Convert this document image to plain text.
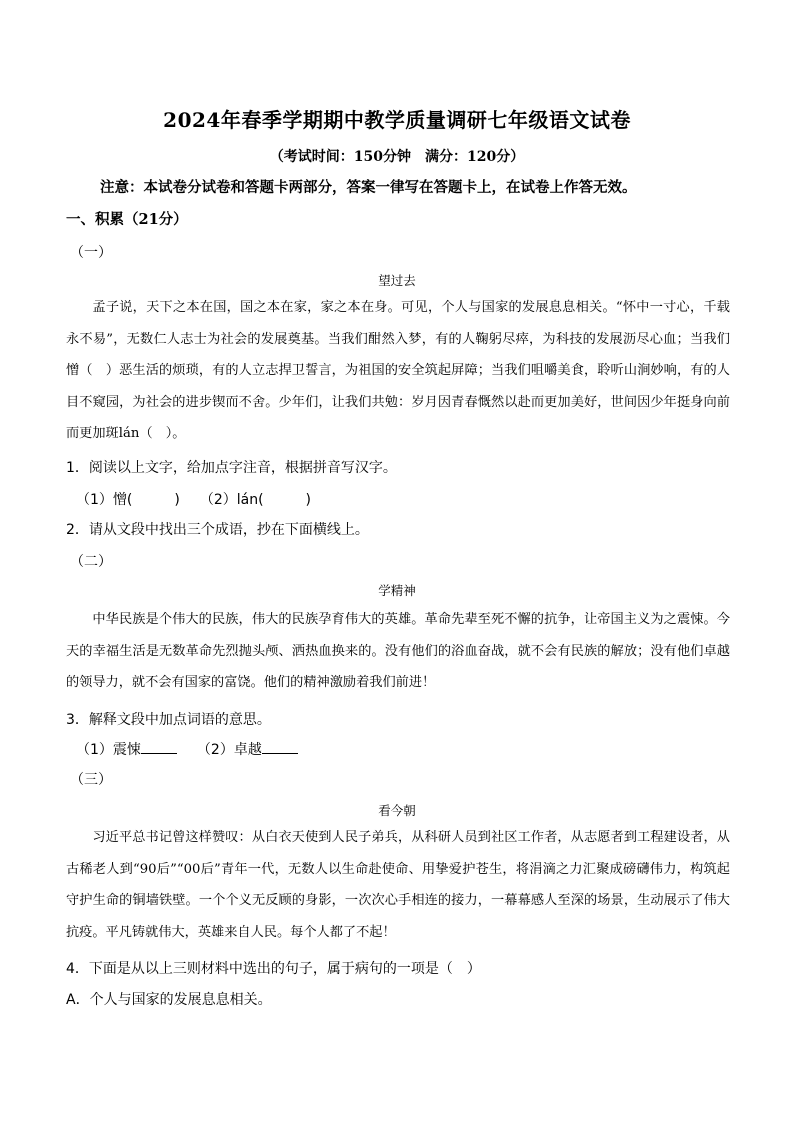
2024年春季学期期中教学质量调研七年级语文试卷
（考试时间：150分钟　满分：120分）
注意：本试卷分试卷和答题卡两部分，答案一律写在答题卡上，在试卷上作答无效。
一、积累（21分）
（一）
望过去
孟子说，天下之本在国，国之本在家，家之本在身。可见，个人与国家的发展息息相关。“怀中一寸心，千载永不易”，无数仁人志士为社会的发展奠基。当我们酣然入梦，有的人鞠躬尽瘁，为科技的发展沥尽心血；当我们憎（　）恶生活的烦琐，有的人立志捍卫誓言，为祖国的安全筑起屏障；当我们咀嚼美食，聆听山涧妙响，有的人目不窥园，为社会的进步锲而不舍。少年们，让我们共勉：岁月因青春慨然以赴而更加美好，世间因少年挺身向前而更加斑lán（　）。
1．阅读以上文字，给加点字注音，根据拼音写汉字。
（1）憎(　　　) （2）lán(　　　)
2．请从文段中找出三个成语，抄在下面横线上。
（二）
学精神
中华民族是个伟大的民族，伟大的民族孕育伟大的英雄。革命先辈至死不懈的抗争，让帝国主义为之震悚。今天的幸福生活是无数革命先烈抛头颅、洒热血换来的。没有他们的浴血奋战，就不会有民族的解放；没有他们卓越的领导力，就不会有国家的富饶。他们的精神激励着我们前进！
3．解释文段中加点词语的意思。
（1）震悚	（2）卓越
（三）
看今朝
习近平总书记曾这样赞叹：从白衣天使到人民子弟兵，从科研人员到社区工作者，从志愿者到工程建设者，从古稀老人到“90后”“00后”青年一代，无数人以生命赴使命、用挚爱护苍生，将涓滴之力汇聚成磅礴伟力，构筑起守护生命的铜墙铁壁。一个个义无反顾的身影，一次次心手相连的接力，一幕幕感人至深的场景，生动展示了伟大抗疫。平凡铸就伟大，英雄来自人民。每个人都了不起！
4．下面是从以上三则材料中选出的句子，属于病句的一项是（　）
A．个人与国家的发展息息相关。
